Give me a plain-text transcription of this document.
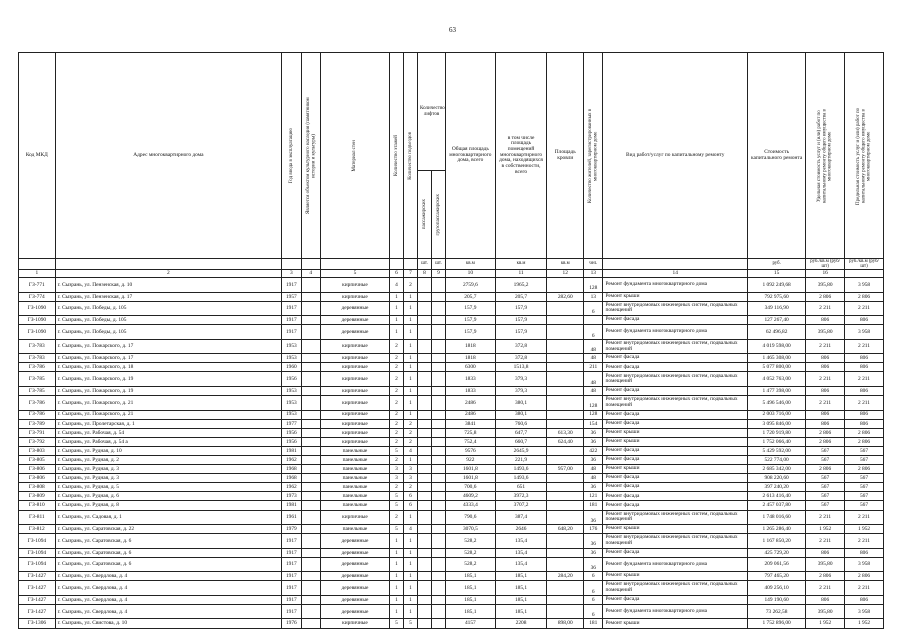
63
Код МКД	Адрес многоквартирного дома	Год ввода в эксплуатацию	Является объектом культурного наследия (памятником истории и культуры)	Материал стен	Количество этажей	Количество подъездов	Количество лифтов		Общая площадь многоквартирного дома, всего	в том числе площадь помещений многоквартирного дома, находящихся в собственности, всего	Площадь кровли	Количество жителей, зарегистрированных в многоквартирном доме	Вид работ/услуг по капитальному ремонту	Стоимость капитального ремонта	Удельная стоимость услуг и (или) работ по капитальному ремонту общего имущества в многоквартирном доме	Предельная стоимость услуг и (или) работ по капитальному ремонту общего имущества в многоквартирном доме

							пассажирских	грузопассажирских								

							шт.	шт.	кв.м	кв.м	кв.м	чел.		руб.	руб./кв.м (руб/шт)	руб./кв.м (руб/шт)
1	2	3	4	5	6	7	8	9	10	11	12	13	14	15	16	
ГЗ-771	г. Сызрань, ул. Пензенская, д. 10	1917		кирпичные	4	2			2759,6	1965,2		128	Ремонт фундамента многоквартирного дома	1 092 249,68	395,80	3 958
ГЗ-774	г. Сызрань, ул. Пензенская, д. 17	1957		кирпичные	1	1			205,7	205,7	282,60	13	Ремонт крыши	792 975,60	2 806	2 806
ГЗ-1090	г. Сызрань, ул. Победы, д. 105	1917		деревянные	1	1			157,9	157,9		6	Ремонт внутридомовых инженерных систем, подвальных помещений	349 116,90	2 211	2 211
ГЗ-1090	г. Сызрань, ул. Победы, д. 105	1917		деревянные	1	1			157,9	157,9			Ремонт фасада	127 267,40	806	806
ГЗ-1090	г. Сызрань, ул. Победы, д. 105	1917		деревянные	1	1			157,9	157,9		6	Ремонт фундамента многоквартирного дома	62 496,82	395,80	3 958
ГЗ-783	г. Сызрань, ул. Пожарского, д. 17	1953		кирпичные	2	1			1818	372,8		48	Ремонт внутридомовых инженерных систем, подвальных помещений	4 019 598,00	2 211	2 211
ГЗ-783	г. Сызрань, ул. Пожарского, д. 17	1953		кирпичные	2	1			1818	372,8		48	Ремонт фасада	1 465 308,00	806	806
ГЗ-786	г. Сызрань, ул. Пожарского, д. 18	1960		кирпичные	2	1			6300	1513,8		211	Ремонт фасада	5 077 800,00	806	806
ГЗ-785	г. Сызрань, ул. Пожарского, д. 19	1956		кирпичные	2	1			1833	379,3		48	Ремонт внутридомовых инженерных систем, подвальных помещений	4 052 763,00	2 211	2 211
ГЗ-785	г. Сызрань, ул. Пожарского, д. 19	1953		кирпичные	2	1			1833	379,3		48	Ремонт фасада	1 477 398,00	806	806
ГЗ-786	г. Сызрань, ул. Пожарского, д. 21	1953		кирпичные	2	1			2486	380,1		128	Ремонт внутридомовых инженерных систем, подвальных помещений	5 496 546,00	2 211	2 211
ГЗ-786	г. Сызрань, ул. Пожарского, д. 21	1953		кирпичные	2	1			2486	380,1		128	Ремонт фасада	2 003 716,00	806	806
ГЗ-789	г. Сызрань, ул. Пролетарская, д. 1	1977		кирпичные	2	2			3841	760,6		154	Ремонт фасада	3 095 846,00	806	806
ГЗ-791	г. Сызрань, ул. Рабочая, д. 54	1956		кирпичные	2	2			725,8	647,7	613,30	36	Ремонт крыши	1 720 919,80	2 806	2 806
ГЗ-792	г. Сызрань, ул. Рабочая, д. 54 а	1956		кирпичные	2	2			752,4	660,7	624,40	36	Ремонт крыши	1 752 066,40	2 806	2 806
ГЗ-803	г. Сызрань, ул. Рудная, д. 10	1981		панельные	5	4			9576	2645,9		422	Ремонт фасада	5 429 592,00	567	567
ГЗ-805	г. Сызрань, ул. Рудная, д. 2	1962		панельные	2	1			922	221,9		36	Ремонт фасада	522 774,00	567	567
ГЗ-806	г. Сызрань, ул. Рудная, д. 3	1968		панельные	3	3			1601,8	1493,6	957,00	48	Ремонт крыши	2 685 342,00	2 806	2 806
ГЗ-806	г. Сызрань, ул. Рудная, д. 3	1968		панельные	3	3			1601,8	1493,6		48	Ремонт фасада	908 220,60	567	567
ГЗ-808	г. Сызрань, ул. Рудная, д. 5	1962		панельные	2	2			700,6	651		36	Ремонт фасада	397 240,20	567	567
ГЗ-809	г. Сызрань, ул. Рудная, д. 6	1973		панельные	5	6			4609,2	3972,3		121	Ремонт фасада	2 613 416,40	567	567
ГЗ-810	г. Сызрань, ул. Рудная, д. 8	1981		панельные	5	6			4333,4	3707,2		181	Ремонт фасада	2 457 037,80	567	567
ГЗ-811	г. Сызрань, ул. Садовая, д. 1	1961		кирпичные	2	1			790,6	387,4		36	Ремонт внутридомовых инженерных систем, подвальных помещений	1 748 016,60	2 211	2 211
ГЗ-812	г. Сызрань, ул. Саратовская, д. 22	1979		панельные	5	4			3070,5	2646	648,20	176	Ремонт крыши	1 265 286,40	1 952	1 952
ГЗ-1094	г. Сызрань, ул. Саратовская, д. 6	1917		деревянные	1	1			528,2	135,4		36	Ремонт внутридомовых инженерных систем, подвальных помещений	1 167 850,20	2 211	2 211
ГЗ-1094	г. Сызрань, ул. Саратовская, д. 6	1917		деревянные	1	1			528,2	135,4		36	Ремонт фасада	425 729,20	806	806
ГЗ-1094	г. Сызрань, ул. Саратовская, д. 6	1917		деревянные	1	1			528,2	135,4		36	Ремонт фундамента многоквартирного дома	209 061,56	395,80	3 958
ГЗ-1427	г. Сызрань, ул. Свердлова, д. 4	1917		деревянные	1	1			185,1	185,1	284,20	6	Ремонт крыши	797 465,20	2 806	2 806
ГЗ-1427	г. Сызрань, ул. Свердлова, д. 4	1917		деревянные	1	1			185,1	185,1		6	Ремонт внутридомовых инженерных систем, подвальных помещений	409 256,10	2 211	2 211
ГЗ-1427	г. Сызрань, ул. Свердлова, д. 4	1917		деревянные	1	1			185,1	185,1		6	Ремонт фасада	149 190,60	806	806
ГЗ-1427	г. Сызрань, ул. Свердлова, д. 4	1917		деревянные	1	1			185,1	185,1		6	Ремонт фундамента многоквартирного дома	73 262,58	395,80	3 958
ГЗ-1306	г. Сызрань, ул. Свистова, д. 10	1976		кирпичные	5	5			4157	2208	898,00	181	Ремонт крыши	1 752 896,00	1 952	1 952
